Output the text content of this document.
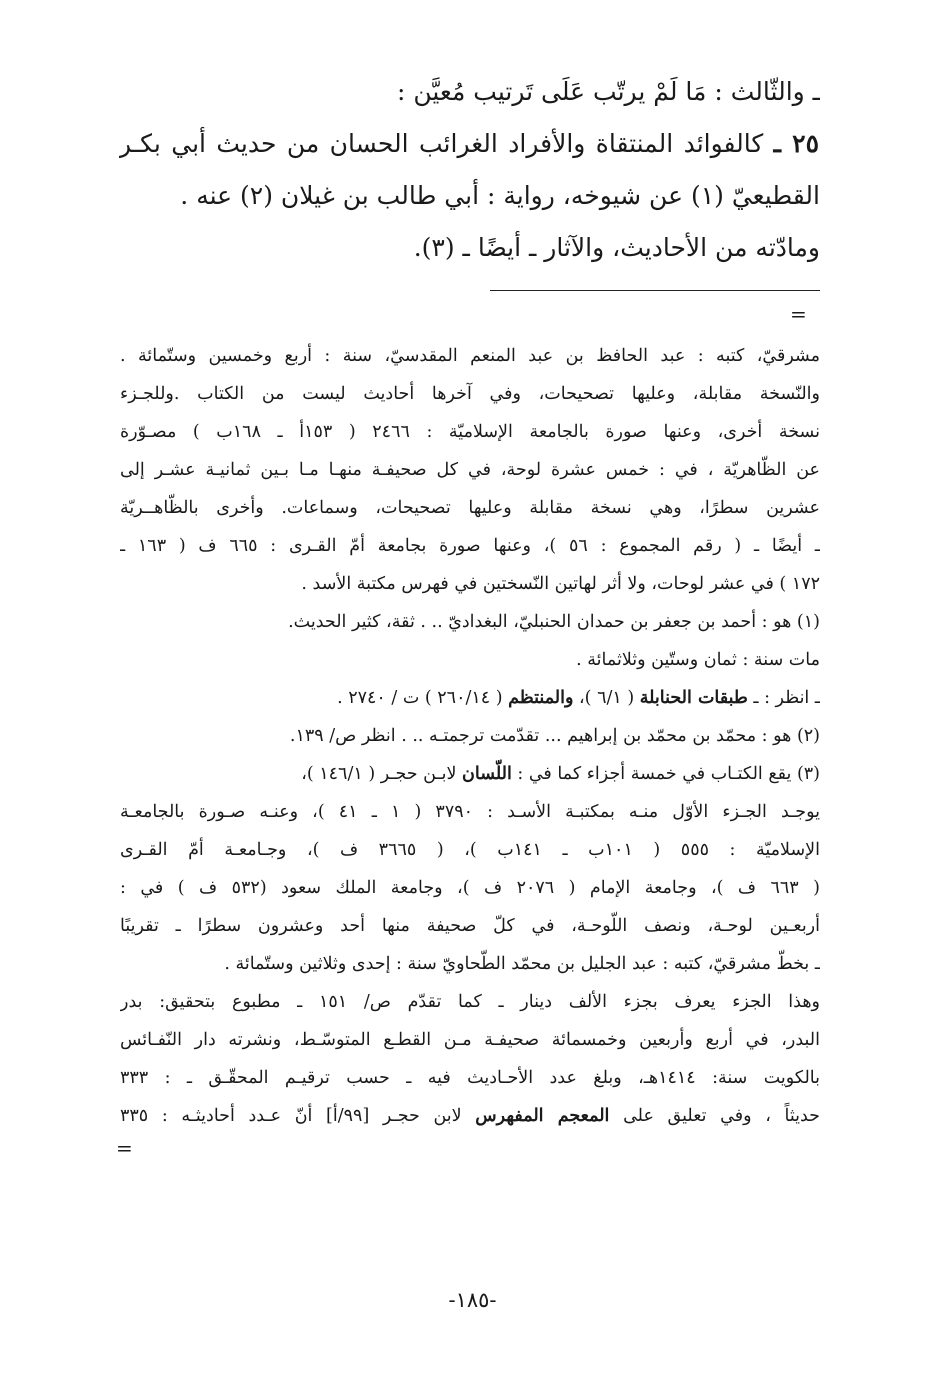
ـ والثّالث : مَا لَمْ يرتّب عَلَى تَرتيب مُعيَّن :
٢٥ ـ كالفوائد المنتقاة والأفراد الغرائب الحسان من حديث أبي بكـر
القطيعيّ (١) عن شيوخه، رواية : أبي طالب بن غيلان (٢) عنه .
ومادّته من الأحاديث، والآثار ـ أيضًا ـ (٣).
=
مشرقيّ، كتبه : عبد الحافظ بن عبد المنعم المقدسيّ، سنة : أربع وخمسين وستّمائة .
والنّسخة مقابلة، وعليها تصحيحات، وفي آخرها أحاديث ليست من الكتاب .وللجـزء
نسخة أخرى، وعنها صورة بالجامعة الإسلاميّة : ٢٤٦٦ ( ١٥٣أ ـ ١٦٨ب ) مصـوّرة
عن الظّاهريّة ، في : خمس عشرة لوحة، في كل صحيفـة منهـا مـا بـين ثمانيـة عشـر إلى
عشرين سطرًا، وهي نسخة مقابلة وعليها تصحيحات، وسماعات. وأخرى بالظّاهــريّة
ـ أيضًا ـ ( رقم المجموع : ٥٦ )، وعنها صورة بجامعة أمّ القـرى : ٦٦٥ ف ( ١٦٣ ـ
١٧٢ ) في عشر لوحات، ولا أثر لهاتين النّسختين في فهرس مكتبة الأسد .
(١) هو : أحمد بن جعفر بن حمدان الحنبليّ، البغداديّ .. . ثقة، كثير الحديث.
مات سنة : ثمان وستّين وثلاثمائة .
ـ انظر : ـ طبقات الحنابلة ( ٦/١ )، والمنتظم ( ٢٦٠/١٤ ) ت / ٢٧٤٠ .
(٢) هو : محمّد بن محمّد بن إبراهيم ... تقدّمت ترجمتـه .. . انظر ص/ ١٣٩.
(٣) يقع الكتـاب في خمسة أجزاء كما في : اللّسان لابـن حجـر ( ١٤٦/١ )،
يوجـد الجـزء الأوّل منـه بمكتبـة الأسـد : ٣٧٩٠ ( ١ ـ ٤١ )، وعنـه صـورة بالجامعـة
الإسلاميّة : ٥٥٥ ( ١٠١ب ـ ١٤١ب )، ( ٣٦٦٥ ف )، وجـامعـة أمّ القـرى
( ٦٦٣ ف )، وجامعة الإمام ( ٢٠٧٦ ف )، وجامعة الملك سعود (٥٣٢ ف ) في :
أربعـين لوحـة، ونصف اللّوحـة، في كلّ صحيفة منها أحد وعشرون سطرًا ـ تقريبًا
ـ بخطّ مشرقيّ، كتبه : عبد الجليل بن محمّد الطّحاويّ سنة : إحدى وثلاثين وستّمائة .
وهذا الجزء يعرف بجزء الألف دينار ـ كما تقدّم ص/ ١٥١ ـ مطبوع بتحقيق: بدر
البدر، في أربع وأربعين وخمسمائة صحيفـة مـن القطـع المتوسّـط، ونشرته دار النّفـائس
بالكويت سنة: ١٤١٤هـ، وبلغ عدد الأحـاديث فيه ـ حسب ترقيـم المحقّـق ـ : ٣٣٣
حديثاً ، وفي تعليق على المعجم المفهرس لابن حجـر [٩٩/أ] أنّ عـدد أحاديثـه : ٣٣٥
=
-١٨٥-
